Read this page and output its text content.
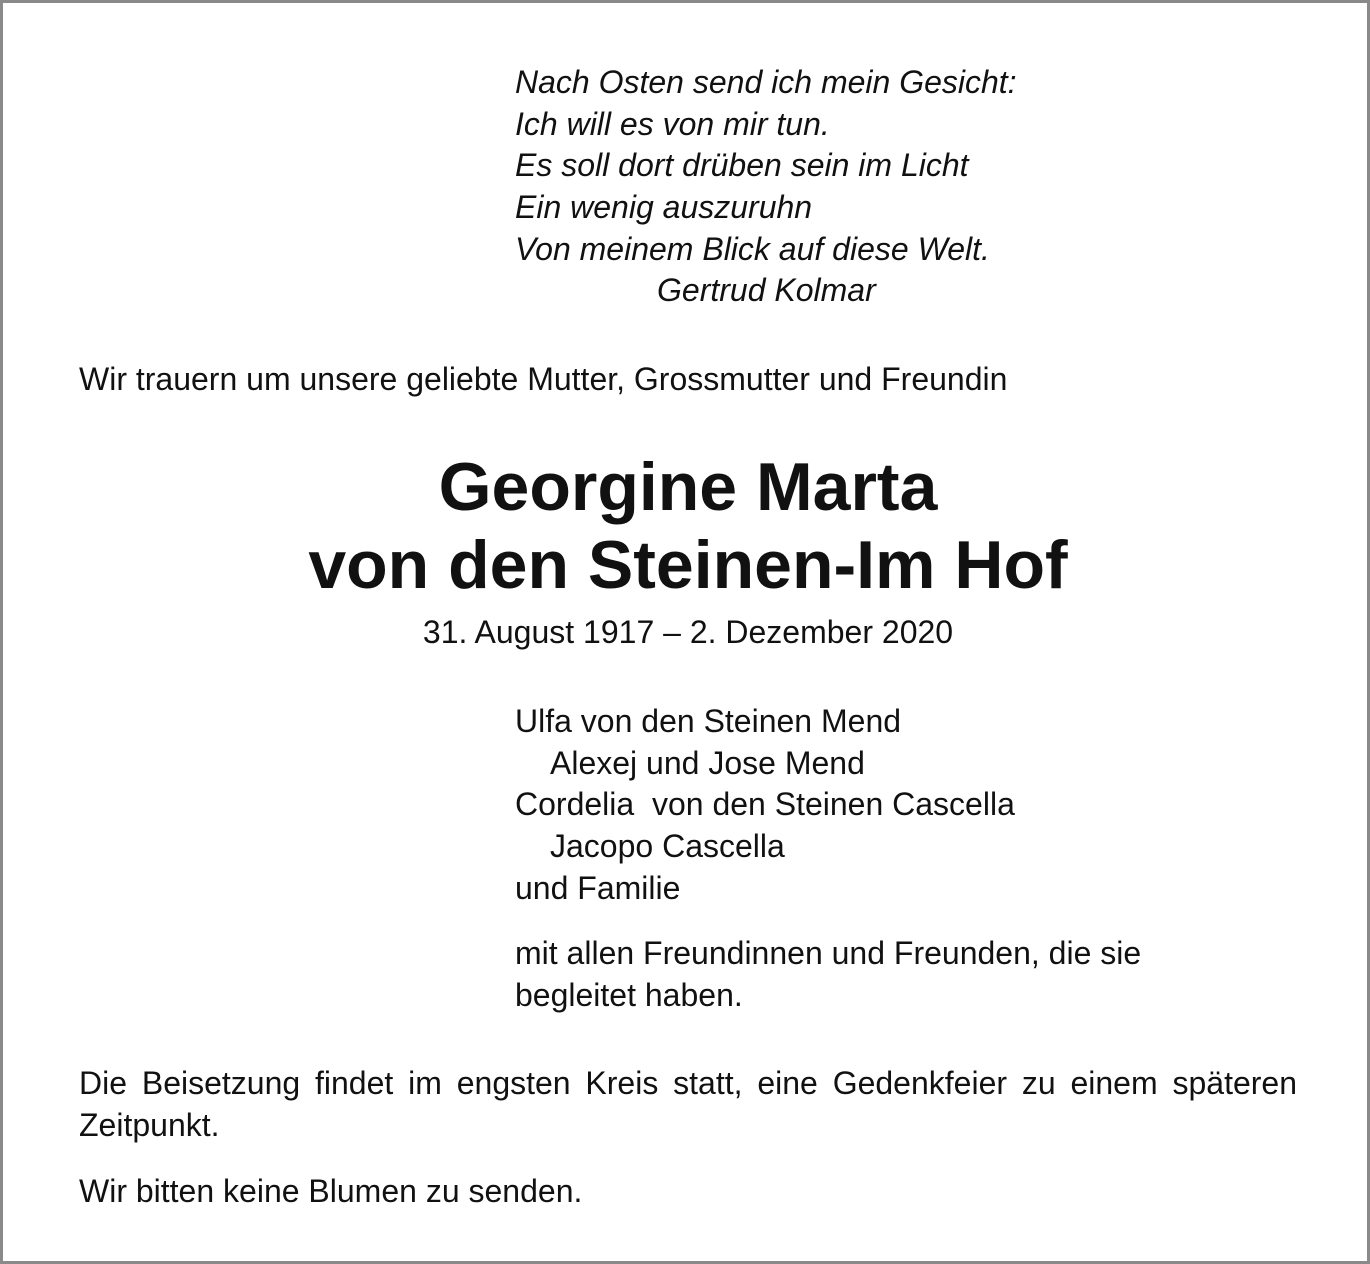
Nach Osten send ich mein Gesicht:
Ich will es von mir tun.
Es soll dort drüben sein im Licht
Ein wenig auszuruhn
Von meinem Blick auf diese Welt.
Gertrud Kolmar
Wir trauern um unsere geliebte Mutter, Grossmutter und Freundin
Georgine Marta
von den Steinen-Im Hof
31. August 1917 – 2. Dezember 2020
Ulfa von den Steinen Mend
Alexej und Jose Mend
Cordelia  von den Steinen Cascella
Jacopo Cascella
und Familie
mit allen Freundinnen und Freunden, die sie
begleitet haben.
Die Beisetzung findet im engsten Kreis statt, eine Gedenkfeier zu einem späteren Zeitpunkt.
Wir bitten keine Blumen zu senden.
